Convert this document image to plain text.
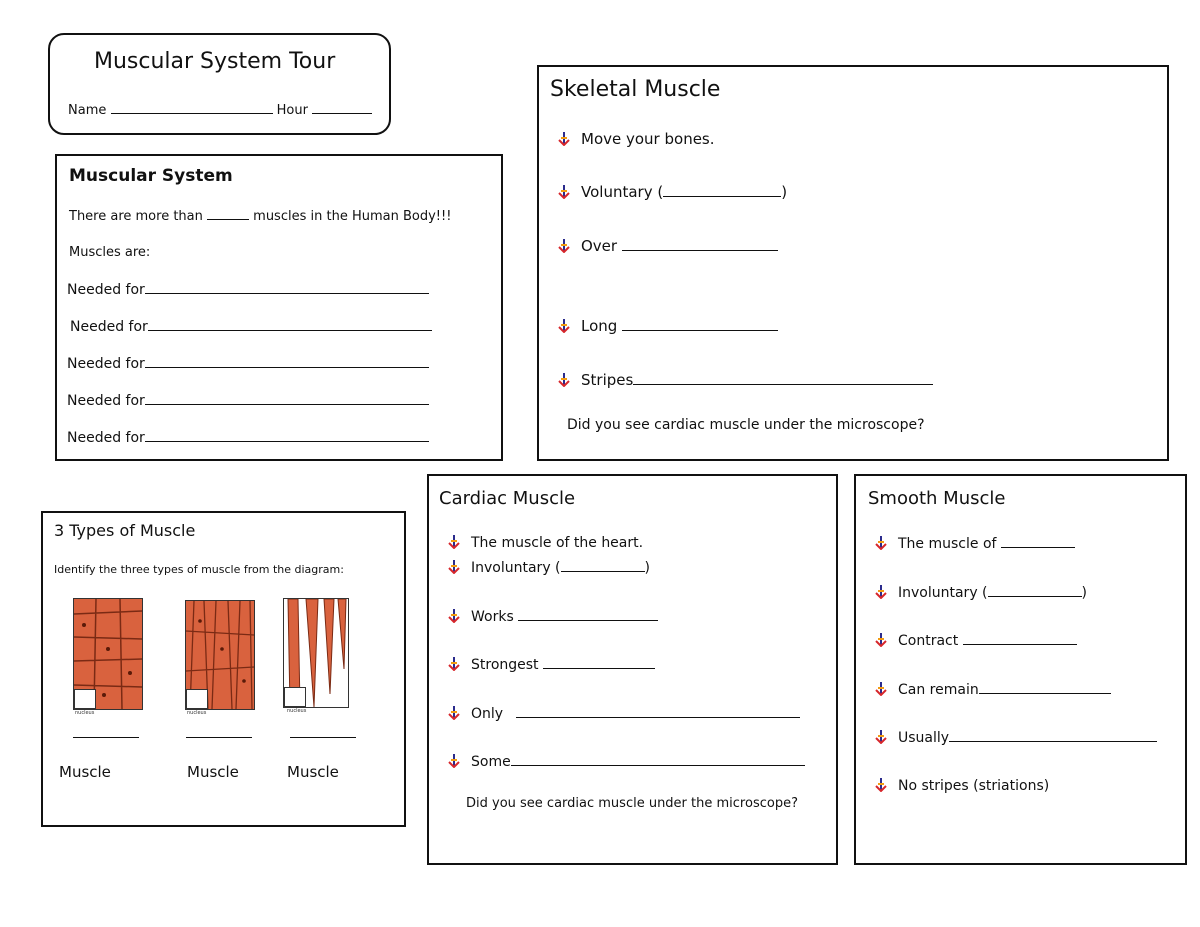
Muscular System Tour
Name	Hour
Muscular System
There are more than	muscles in the Human Body!!!
Muscles are:
Needed for
Needed for
Needed for
Needed for
Needed for
Skeletal Muscle
Move your bones.
Voluntary (	)
Over
Long
Stripes
Did you see cardiac muscle under the microscope?
3 Types of Muscle
Identify the three types of muscle from the diagram:
nucleus	nucleus	nucleus
Muscle	Muscle	Muscle
Cardiac Muscle
The muscle of the heart.
Involuntary (	)
Works
Strongest
Only
Some
Did you see cardiac muscle under the microscope?
Smooth Muscle
The muscle of
Involuntary (	)
Contract
Can remain
Usually
No stripes (striations)
